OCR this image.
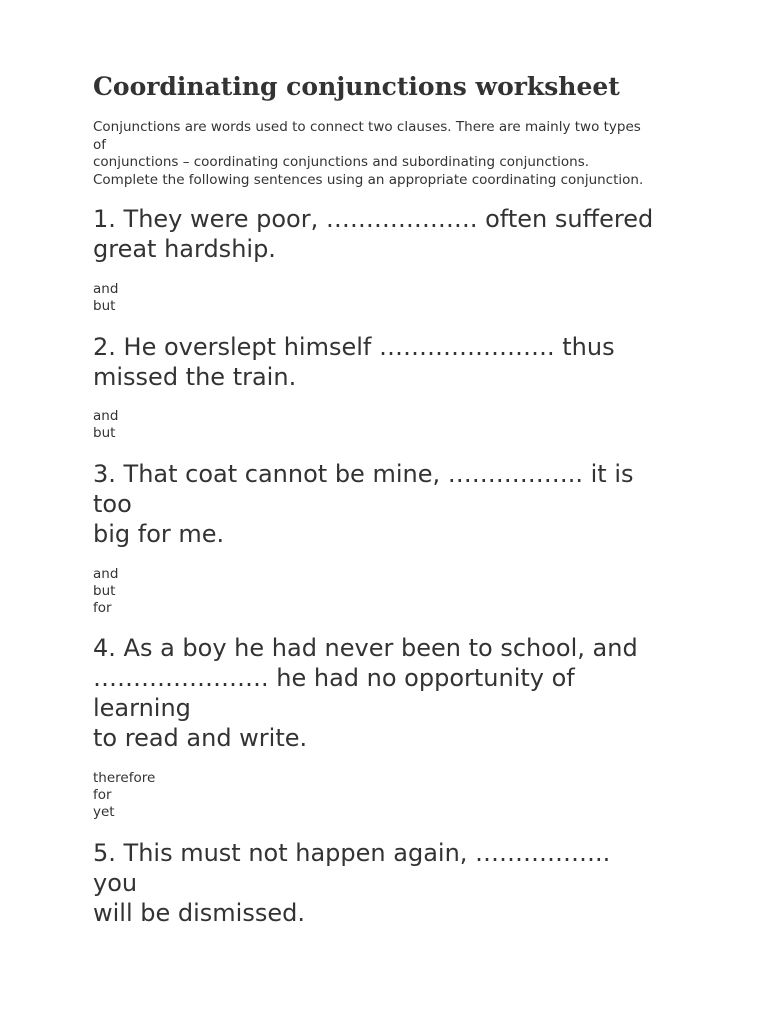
Coordinating conjunctions worksheet
Conjunctions are words used to connect two clauses. There are mainly two types
of
conjunctions – coordinating conjunctions and subordinating conjunctions.
Complete the following sentences using an appropriate coordinating conjunction.
1. They were poor, ………………. often suffered
great hardship.
and
but
2. He overslept himself …………………. thus
missed the train.
and
but
3. That coat cannot be mine, …………….. it is
too
big for me.
and
but
for
4. As a boy he had never been to school, and
…………………. he had no opportunity of
learning
to read and write.
therefore
for
yet
5. This must not happen again, ……………..
you
will be dismissed.
